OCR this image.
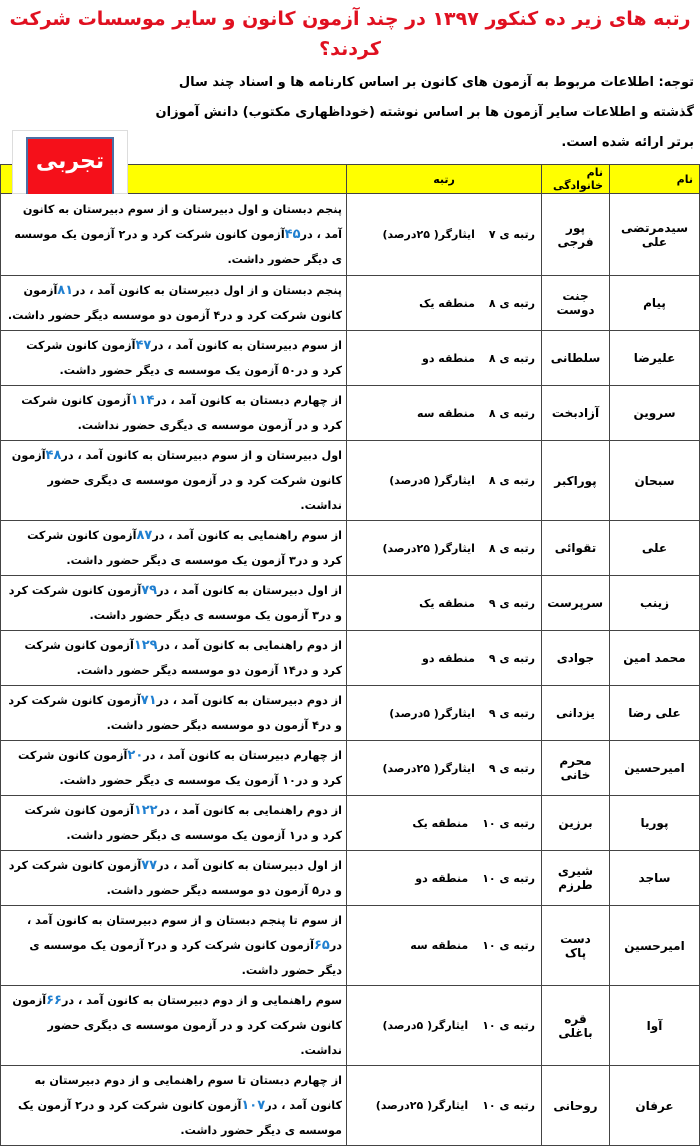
رتبه های زیر ده کنکور ۱۳۹۷ در چند آزمون کانون و سایر موسسات شرکت کردند؟
توجه: اطلاعات مربوط به آزمون های کانون بر اساس کارنامه ها و اسناد چند سال گذشته و اطلاعات سایر آزمون ها بر اساس نوشته (خوداظهاری مکتوب) دانش آموزان برتر ارائه شده است.
تجربی
نام	نام خانوادگی	رتبه	
سیدمرتضی علی	پور فرجی	رتبه ی ۷ایثارگر( ۲۵درصد)	پنجم دبستان و اول دبیرستان و از سوم دبیرستان به کانون آمد ، در۴۵آزمون کانون شرکت کرد و در۲ آزمون یک موسسه ی دیگر حضور داشت.
پیام	جنت دوست	رتبه ی ۸منطقه یک	پنجم دبستان و از اول دبیرستان به کانون آمد ، در۸۱آزمون کانون شرکت کرد و در۴ آزمون دو موسسه دیگر حضور داشت.
علیرضا	سلطانی	رتبه ی ۸منطقه دو	از سوم دبیرستان به کانون آمد ، در۴۷آزمون کانون شرکت کرد و در۵۰ آزمون یک موسسه ی دیگر حضور داشت.
سروین	آزادبخت	رتبه ی ۸منطقه سه	از چهارم دبستان به کانون آمد ، در۱۱۴آزمون کانون شرکت کرد و در آزمون موسسه ی دیگری حضور نداشت.
سبحان	پوراکبر	رتبه ی ۸ایثارگر( ۵درصد)	اول دبیرستان و از سوم دبیرستان به کانون آمد ، در۴۸آزمون کانون شرکت کرد و در آزمون موسسه ی دیگری حضور نداشت.
علی	تقوائی	رتبه ی ۸ایثارگر( ۲۵درصد)	از سوم راهنمایی به کانون آمد ، در۸۷آزمون کانون شرکت کرد و در۳ آزمون یک موسسه ی دیگر حضور داشت.
زینب	سرپرست	رتبه ی ۹منطقه یک	از اول دبیرستان به کانون آمد ، در۷۹آزمون کانون شرکت کرد و در۳ آزمون یک موسسه ی دیگر حضور داشت.
محمد امین	جوادی	رتبه ی ۹منطقه دو	از دوم راهنمایی به کانون آمد ، در۱۲۹آزمون کانون شرکت کرد و در۱۴ آزمون دو موسسه دیگر حضور داشت.
علی رضا	یزدانی	رتبه ی ۹ایثارگر( ۵درصد)	از دوم دبیرستان به کانون آمد ، در۷۱آزمون کانون شرکت کرد و در۴ آزمون دو موسسه دیگر حضور داشت.
امیرحسین	محرم خانی	رتبه ی ۹ایثارگر( ۲۵درصد)	از چهارم دبیرستان به کانون آمد ، در۲۰آزمون کانون شرکت کرد و در۱۰ آزمون یک موسسه ی دیگر حضور داشت.
پوریا	برزین	رتبه ی ۱۰منطقه یک	از دوم راهنمایی به کانون آمد ، در۱۲۲آزمون کانون شرکت کرد و در۱ آزمون یک موسسه ی دیگر حضور داشت.
ساجد	شیری طرزم	رتبه ی ۱۰منطقه دو	از اول دبیرستان به کانون آمد ، در۷۷آزمون کانون شرکت کرد و در۵ آزمون دو موسسه دیگر حضور داشت.
امیرحسین	دست پاک	رتبه ی ۱۰منطقه سه	از سوم تا پنجم دبستان و از سوم دبیرستان به کانون آمد ، در۶۵آزمون کانون شرکت کرد و در۲ آزمون یک موسسه ی دیگر حضور داشت.
آوا	قره باغلی	رتبه ی ۱۰ایثارگر( ۵درصد)	سوم راهنمایی و از دوم دبیرستان به کانون آمد ، در۶۶آزمون کانون شرکت کرد و در آزمون موسسه ی دیگری حضور نداشت.
عرفان	روحانی	رتبه ی ۱۰ایثارگر( ۲۵درصد)	از چهارم دبستان تا سوم راهنمایی و از دوم دبیرستان به کانون آمد ، در۱۰۷آزمون کانون شرکت کرد و در۲ آزمون یک موسسه ی دیگر حضور داشت.
